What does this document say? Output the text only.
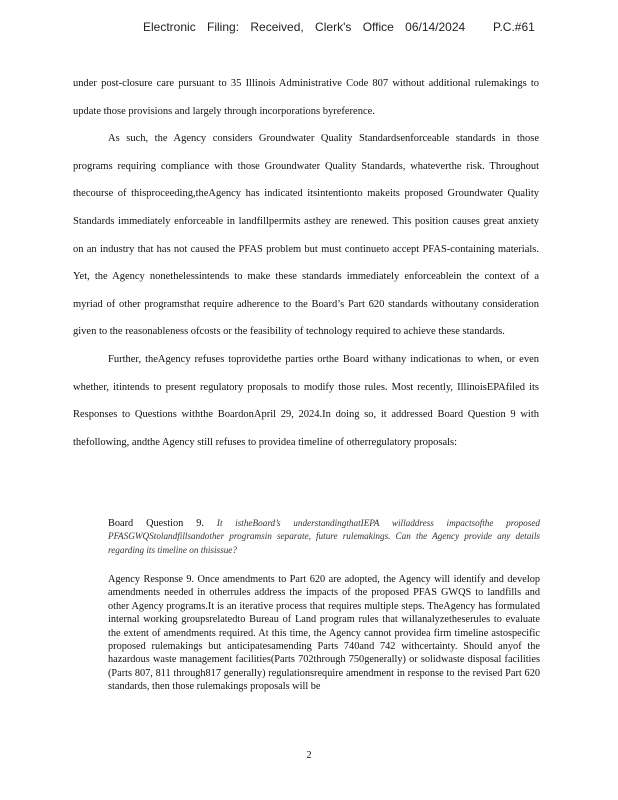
Electronic Filing: Received, Clerk's Office 06/14/2024 P.C.#61

under post-closure care pursuant to 35 Illinois Administrative Code 807 without additional rulemakings to update those provisions and largely through incorporations byreference.

As such, the Agency considers Groundwater Quality Standardsenforceable standards in those programs requiring compliance with those Groundwater Quality Standards, whateverthe risk. Throughout thecourse of thisproceeding,theAgency has indicated itsintentionto makeits proposed Groundwater Quality Standards immediately enforceable in landfillpermits asthey are renewed. This position causes great anxiety on an industry that has not caused the PFAS problem but must continueto accept PFAS-containing materials. Yet, the Agency nonethelessintends to make these standards immediately enforceablein the context of a myriad of other programsthat require adherence to the Board’s Part 620 standards withoutany consideration given to the reasonableness ofcosts or the feasibility of technology required to achieve these standards.

Further, theAgency refuses toprovidethe parties orthe Board withany indicationas to when, or even whether, itintends to present regulatory proposals to modify those rules. Most recently, IllinoisEPAfiled its Responses to Questions withthe BoardonApril 29, 2024.In doing so, it addressed Board Question 9 with thefollowing, andthe Agency still refuses to providea timeline of otherregulatory proposals:

Board Question 9. It istheBoard’s understandingthatIEPA willaddress impactsofthe proposed PFASGWQStolandfillsandother programsin separate, future rulemakings. Can the Agency provide any details regarding its timeline on thisissue?
Agency Response 9. Once amendments to Part 620 are adopted, the Agency will identify and develop amendments needed in otherrules address the impacts of the proposed PFAS GWQS to landfills and other Agency programs.It is an iterative process that requires multiple steps. TheAgency has formulated internal working groupsrelatedto Bureau of Land program rules that willanalyzetheserules to evaluate the extent of amendments required. At this time, the Agency cannot providea firm timeline astospecific proposed rulemakings but anticipatesamending Parts 740and 742 withcertainty. Should anyof the hazardous waste management facilities(Parts 702through 750generally) or solidwaste disposal facilities (Parts 807, 811 through817 generally) regulationsrequire amendment in response to the revised Part 620 standards, then those rulemakings proposals will be
2
